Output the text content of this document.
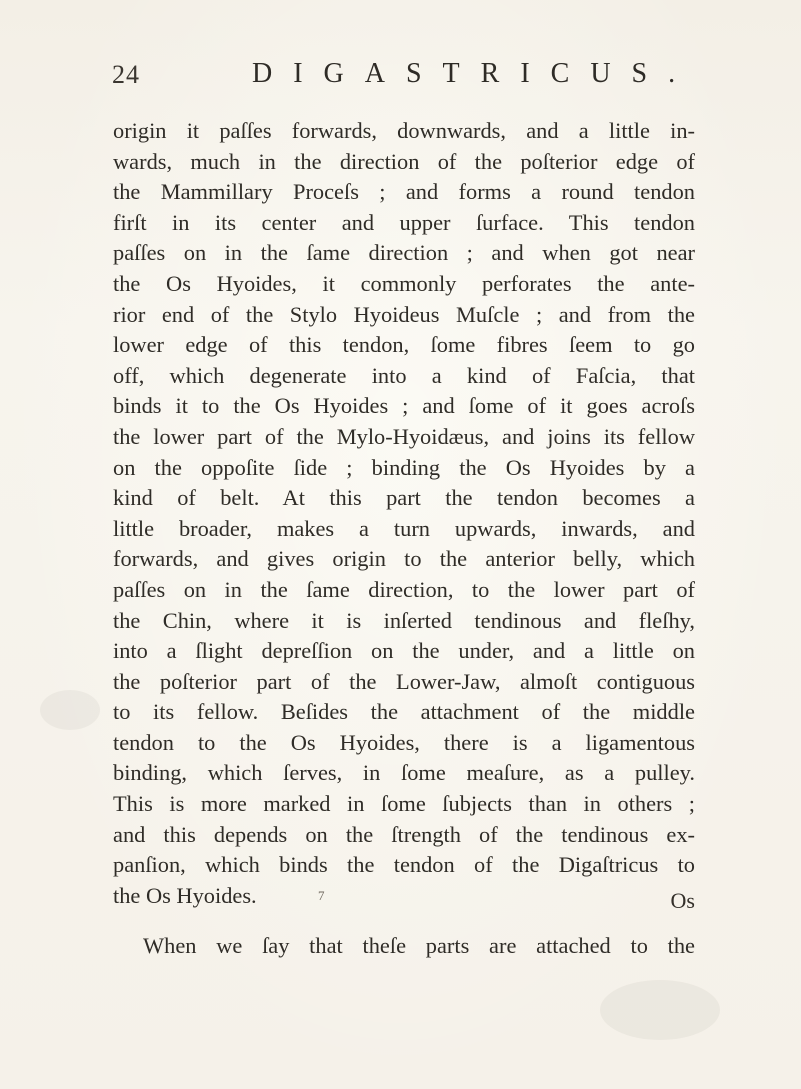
24	DIGASTRICUS.
origin it paſſes forwards, downwards, and a little in-
wards, much in the direction of the poſterior edge of
the Mammillary Proceſs ; and forms a round tendon
firſt in its center and upper ſurface. This tendon
paſſes on in the ſame direction ; and when got near
the Os Hyoides, it commonly perforates the ante-
rior end of the Stylo Hyoideus Muſcle ; and from the
lower edge of this tendon, ſome fibres ſeem to go
off, which degenerate into a kind of Faſcia, that
binds it to the Os Hyoides ; and ſome of it goes acroſs
the lower part of the Mylo-Hyoidæus, and joins its fellow
on the oppoſite ſide ; binding the Os Hyoides by a
kind of belt. At this part the tendon becomes a
little broader, makes a turn upwards, inwards, and
forwards, and gives origin to the anterior belly, which
paſſes on in the ſame direction, to the lower part of
the Chin, where it is inſerted tendinous and fleſhy,
into a ſlight depreſſion on the under, and a little on
the poſterior part of the Lower-Jaw, almoſt contiguous
to its fellow. Beſides the attachment of the middle
tendon to the Os Hyoides, there is a ligamentous
binding, which ſerves, in ſome meaſure, as a pulley.
This is more marked in ſome ſubjects than in others ;
and this depends on the ſtrength of the tendinous ex-
panſion, which binds the tendon of the Digaſtricus to
the Os Hyoides.
When we ſay that theſe parts are attached to the
7	Os
